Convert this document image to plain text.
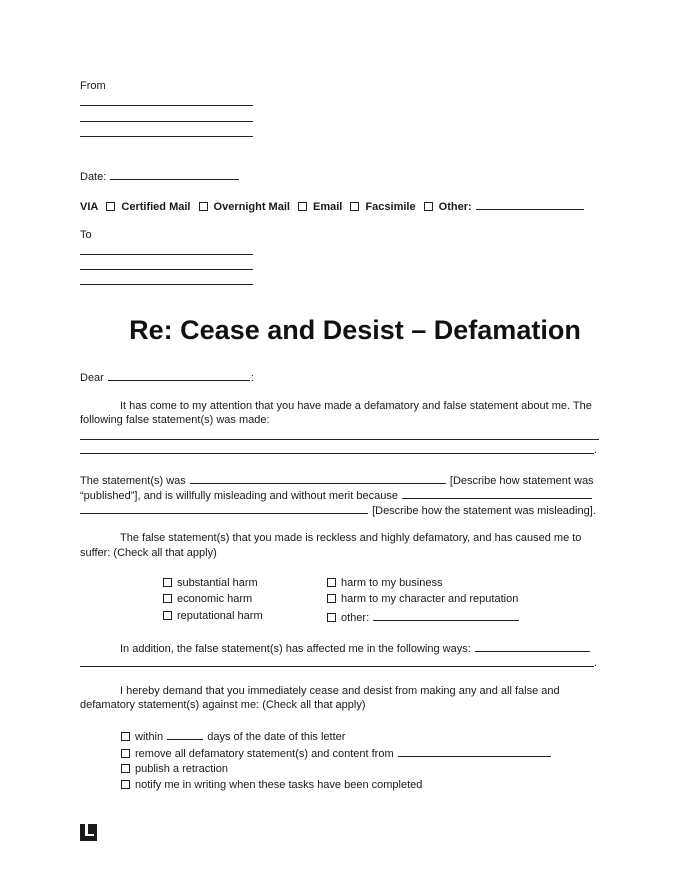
From
Date:
VIA Certified Mail Overnight Mail Email Facsimile Other:
To
Re: Cease and Desist – Defamation
Dear	:
It has come to my attention that you have made a defamatory and false statement about me. The
following false statement(s) was made:
.
The statement(s) was	[Describe how statement was
“published”], and is willfully misleading and without merit because
[Describe how the statement was misleading].
The false statement(s) that you made is reckless and highly defamatory, and has caused me to
suffer: (Check all that apply)
substantial harm
economic harm
reputational harm
harm to my business
harm to my character and reputation
other:
In addition, the false statement(s) has affected me in the following ways:
.
I hereby demand that you immediately cease and desist from making any and all false and
defamatory statement(s) against me: (Check all that apply)
within	days of the date of this letter
remove all defamatory statement(s) and content from
publish a retraction
notify me in writing when these tasks have been completed
